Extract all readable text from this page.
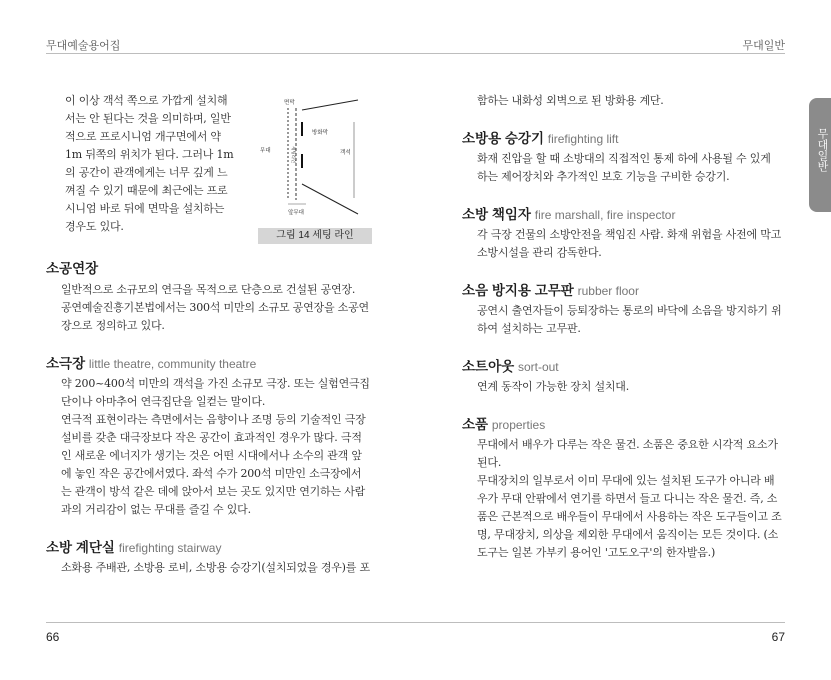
무대예술용어집	무대일반
무대일반

이 이상 객석 쪽으로 가깝게 설치해

서는 안 된다는 것을 의미하며, 일반

적으로 프로시니엄 개구면에서 약

1m 뒤쪽의 위치가 된다. 그러나 1m

의 공간이 관객에게는 너무 깊게 느

껴질 수 있기 때문에 최근에는 프로

시니엄 바로 뒤에 면막을 설치하는

경우도 있다.

면막
방화막
무대	세팅라인	객석
앞무대
그림 14 세팅 라인
소공연장

일반적으로 소규모의 연극을 목적으로 단층으로 건설된 공연장.

공연예술진흥기본법에서는 300석 미만의 소규모 공연장을 소공연

장으로 정의하고 있다.

소극장 little theatre, community theatre

약 200~400석 미만의 객석을 가진 소규모 극장. 또는 실험연극집

단이나 아마추어 연극집단을 일컫는 말이다.

연극적 표현이라는 측면에서는 음향이나 조명 등의 기술적인 극장

설비를 갖춘 대극장보다 작은 공간이 효과적인 경우가 많다. 극적

인 새로운 에너지가 생기는 것은 어떤 시대에서나 소수의 관객 앞

에 놓인 작은 공간에서였다. 좌석 수가 200석 미만인 소극장에서

는 관객이 방석 같은 데에 앉아서 보는 곳도 있지만 연기하는 사람

과의 거리감이 없는 무대를 즐길 수 있다.

소방 계단실 firefighting stairway

소화용 주배관, 소방용 로비, 소방용 승강기(설치되었을 경우)를 포

함하는 내화성 외벽으로 된 방화용 계단.

소방용 승강기 firefighting lift

화재 진압을 할 때 소방대의 직접적인 통제 하에 사용될 수 있게

하는 제어장치와 추가적인 보호 기능을 구비한 승강기.

소방 책임자 fire marshall, fire inspector

각 극장 건물의 소방안전을 책임진 사람. 화재 위험을 사전에 막고

소방시설을 관리 감독한다.

소음 방지용 고무판 rubber floor

공연시 출연자들이 등퇴장하는 통로의 바닥에 소음을 방지하기 위

하여 설치하는 고무판.

소트아웃 sort-out

연계 동작이 가능한 장치 설치대.

소품 properties

무대에서 배우가 다루는 작은 물건. 소품은 중요한 시각적 요소가

된다.

무대장치의 일부로서 이미 무대에 있는 설치된 도구가 아니라 배

우가 무대 안팎에서 연기를 하면서 들고 다니는 작은 물건. 즉, 소

품은 근본적으로 배우들이 무대에서 사용하는 작은 도구들이고 조

명, 무대장치, 의상을 제외한 무대에서 움직이는 모든 것이다. (소

도구는 일본 가부키 용어인 '고도오구'의 한자발음.)

66	67
